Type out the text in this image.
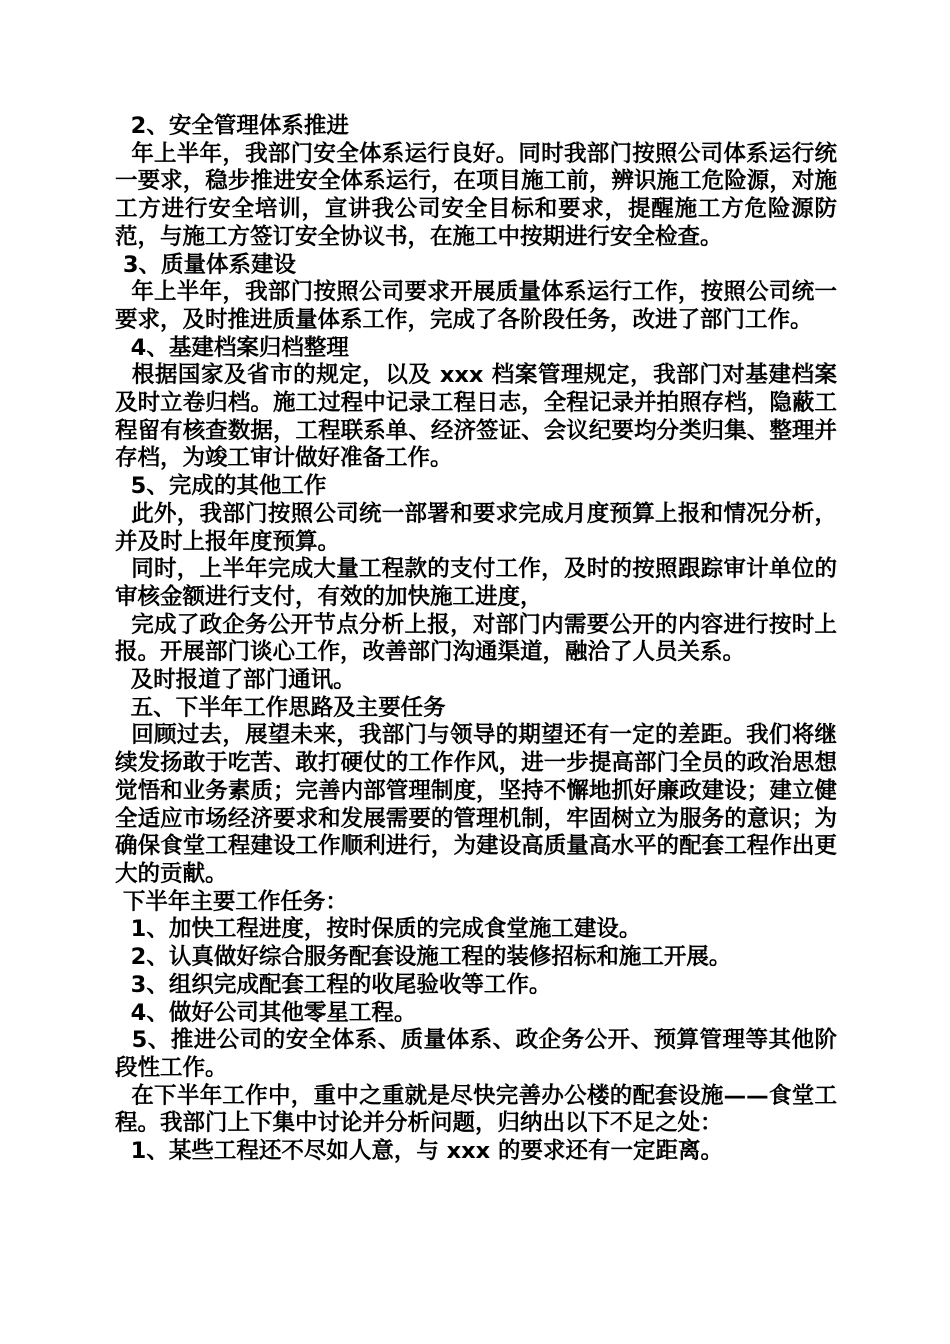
2、安全管理体系推进

年上半年，我部门安全体系运行良好。同时我部门按照公司体系运行统一要求，稳步推进安全体系运行，在项目施工前，辨识施工危险源，对施工方进行安全培训，宣讲我公司安全目标和要求，提醒施工方危险源防范，与施工方签订安全协议书，在施工中按期进行安全检查。

3、质量体系建设

年上半年，我部门按照公司要求开展质量体系运行工作，按照公司统一要求，及时推进质量体系工作，完成了各阶段任务，改进了部门工作。

4、基建档案归档整理

根据国家及省市的规定，以及 xxx 档案管理规定，我部门对基建档案及时立卷归档。施工过程中记录工程日志，全程记录并拍照存档，隐蔽工程留有核查数据，工程联系单、经济签证、会议纪要均分类归集、整理并存档，为竣工审计做好准备工作。

5、完成的其他工作

此外，我部门按照公司统一部署和要求完成月度预算上报和情况分析，并及时上报年度预算。

同时，上半年完成大量工程款的支付工作，及时的按照跟踪审计单位的审核金额进行支付，有效的加快施工进度，

完成了政企务公开节点分析上报，对部门内需要公开的内容进行按时上报。开展部门谈心工作，改善部门沟通渠道，融洽了人员关系。

及时报道了部门通讯。

五、下半年工作思路及主要任务

回顾过去，展望未来，我部门与领导的期望还有一定的差距。我们将继续发扬敢于吃苦、敢打硬仗的工作作风，进一步提高部门全员的政治思想觉悟和业务素质；完善内部管理制度，坚持不懈地抓好廉政建设；建立健全适应市场经济要求和发展需要的管理机制，牢固树立为服务的意识；为确保食堂工程建设工作顺利进行，为建设高质量高水平的配套工程作出更大的贡献。

下半年主要工作任务：

1、加快工程进度，按时保质的完成食堂施工建设。

2、认真做好综合服务配套设施工程的装修招标和施工开展。

3、组织完成配套工程的收尾验收等工作。

4、做好公司其他零星工程。

5、推进公司的安全体系、质量体系、政企务公开、预算管理等其他阶段性工作。

在下半年工作中，重中之重就是尽快完善办公楼的配套设施——食堂工程。我部门上下集中讨论并分析问题，归纳出以下不足之处：

1、某些工程还不尽如人意，与 xxx 的要求还有一定距离。
